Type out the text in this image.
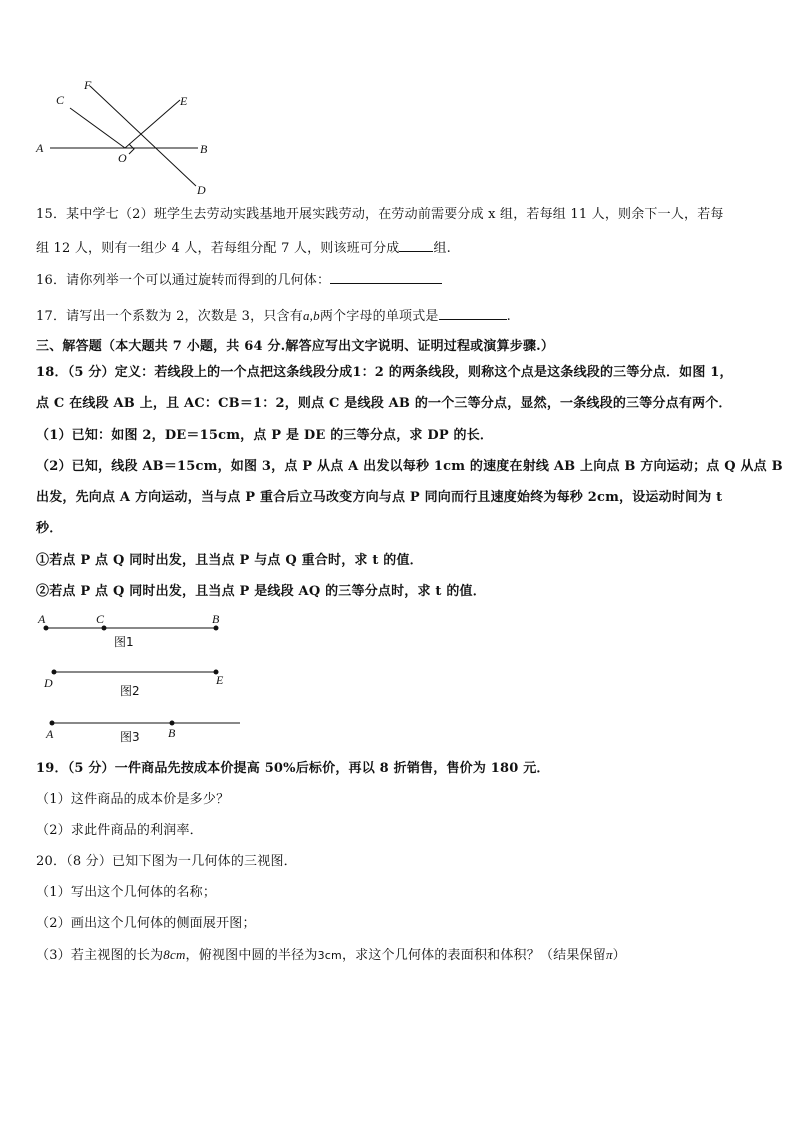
A	B
C
F
E
O
D
15．某中学七（2）班学生去劳动实践基地开展实践劳动，在劳动前需要分成 x 组，若每组 11 人，则余下一人，若每
组 12 人，则有一组少 4 人，若每组分配 7 人，则该班可分成	组.
16．请你列举一个可以通过旋转而得到的几何体：
17．请写出一个系数为 2，次数是 3，只含有a,b两个字母的单项式是	.
三、解答题（本大题共 7 小题，共 64 分.解答应写出文字说明、证明过程或演算步骤.）
18．（5 分）定义：若线段上的一个点把这条线段分成1：2 的两条线段，则称这个点是这条线段的三等分点．如图 1，
点 C 在线段 AB 上，且 AC：CB＝1：2，则点 C 是线段 AB 的一个三等分点，显然，一条线段的三等分点有两个．
（1）已知：如图 2，DE＝15cm，点 P 是 DE 的三等分点，求 DP 的长．
（2）已知，线段 AB＝15cm，如图 3，点 P 从点 A 出发以每秒 1cm 的速度在射线 AB 上向点 B 方向运动；点 Q 从点 B
出发，先向点 A 方向运动，当与点 P 重合后立马改变方向与点 P 同向而行且速度始终为每秒 2cm，设运动时间为 t
秒．
①若点 P 点 Q 同时出发，且当点 P 与点 Q 重合时，求 t 的值．
②若点 P 点 Q 同时出发，且当点 P 是线段 AQ 的三等分点时，求 t 的值．
A	C	B
图1
D	E
图2
A	B
图3
19．（5 分）一件商品先按成本价提高 50%后标价，再以 8 折销售，售价为 180 元．
（1）这件商品的成本价是多少？
（2）求此件商品的利润率．
20．（8 分）已知下图为一几何体的三视图．
（1）写出这个几何体的名称；
（2）画出这个几何体的侧面展开图；
（3）若主视图的长为8cm，俯视图中圆的半径为3cm，求这个几何体的表面积和体积？（结果保留π）
